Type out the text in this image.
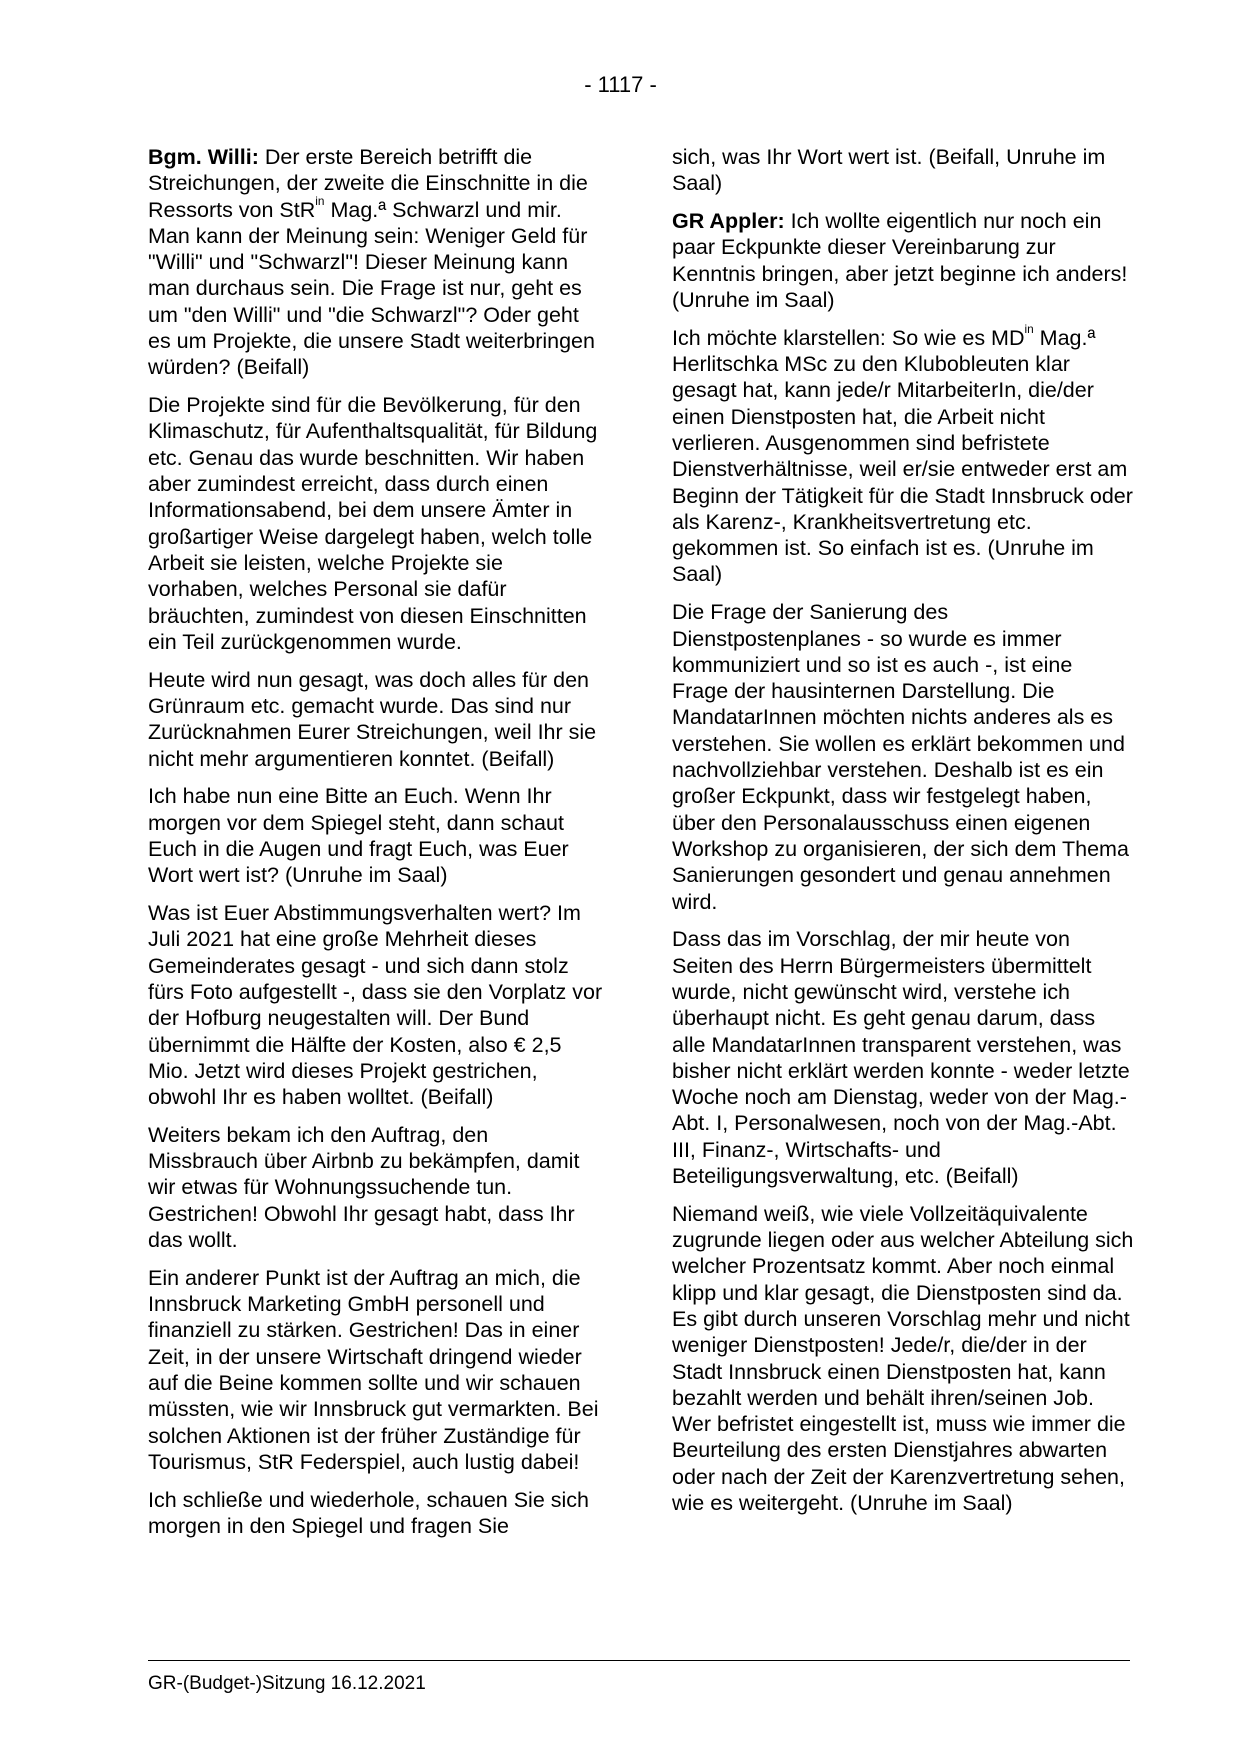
- 1117 -

Bgm. Willi: Der erste Bereich betrifft die Streichungen, der zweite die Einschnitte in die Ressorts von StR$^{in}$ Mag.ª Schwarzl und mir. Man kann der Meinung sein: Weniger Geld für "Willi" und "Schwarzl"! Dieser Meinung kann man durchaus sein. Die Frage ist nur, geht es um "den Willi" und "die Schwarzl"? Oder geht es um Projekte, die unsere Stadt weiterbringen würden? (Beifall)

Die Projekte sind für die Bevölkerung, für den Klimaschutz, für Aufenthaltsqualität, für Bildung etc. Genau das wurde beschnitten. Wir haben aber zumindest erreicht, dass durch einen Informationsabend, bei dem unsere Ämter in großartiger Weise dargelegt haben, welch tolle Arbeit sie leisten, welche Projekte sie vorhaben, welches Personal sie dafür bräuchten, zumindest von diesen Einschnitten ein Teil zurückgenommen wurde.

Heute wird nun gesagt, was doch alles für den Grünraum etc. gemacht wurde. Das sind nur Zurücknahmen Eurer Streichungen, weil Ihr sie nicht mehr argumentieren konntet. (Beifall)

Ich habe nun eine Bitte an Euch. Wenn Ihr morgen vor dem Spiegel steht, dann schaut Euch in die Augen und fragt Euch, was Euer Wort wert ist? (Unruhe im Saal)

Was ist Euer Abstimmungsverhalten wert? Im Juli 2021 hat eine große Mehrheit dieses Gemeinderates gesagt - und sich dann stolz fürs Foto aufgestellt -, dass sie den Vorplatz vor der Hofburg neugestalten will. Der Bund übernimmt die Hälfte der Kosten, also € 2,5 Mio. Jetzt wird dieses Projekt gestrichen, obwohl Ihr es haben wolltet. (Beifall)

Weiters bekam ich den Auftrag, den Missbrauch über Airbnb zu bekämpfen, damit wir etwas für Wohnungssuchende tun. Gestrichen! Obwohl Ihr gesagt habt, dass Ihr das wollt.

Ein anderer Punkt ist der Auftrag an mich, die Innsbruck Marketing GmbH personell und finanziell zu stärken. Gestrichen! Das in einer Zeit, in der unsere Wirtschaft dringend wieder auf die Beine kommen sollte und wir schauen müssten, wie wir Innsbruck gut vermarkten. Bei solchen Aktionen ist der früher Zuständige für Tourismus, StR Federspiel, auch lustig dabei!

Ich schließe und wiederhole, schauen Sie sich morgen in den Spiegel und fragen Sie

sich, was Ihr Wort wert ist. (Beifall, Unruhe im Saal)

GR Appler: Ich wollte eigentlich nur noch ein paar Eckpunkte dieser Vereinbarung zur Kenntnis bringen, aber jetzt beginne ich anders! (Unruhe im Saal)

Ich möchte klarstellen: So wie es $MD^{in}$ Mag.ª Herlitschka MSc zu den Klubobleuten klar gesagt hat, kann jede/r MitarbeiterIn, die/der einen Dienstposten hat, die Arbeit nicht verlieren. Ausgenommen sind befristete Dienstverhältnisse, weil er/sie entweder erst am Beginn der Tätigkeit für die Stadt Innsbruck oder als Karenz-, Krankheitsvertretung etc. gekommen ist. So einfach ist es. (Unruhe im Saal)

Die Frage der Sanierung des Dienstpostenplanes - so wurde es immer kommuniziert und so ist es auch -, ist eine Frage der hausinternen Darstellung. Die MandatarInnen möchten nichts anderes als es verstehen. Sie wollen es erklärt bekommen und nachvollziehbar verstehen. Deshalb ist es ein großer Eckpunkt, dass wir festgelegt haben, über den Personalausschuss einen eigenen Workshop zu organisieren, der sich dem Thema Sanierungen gesondert und genau annehmen wird.

Dass das im Vorschlag, der mir heute von Seiten des Herrn Bürgermeisters übermittelt wurde, nicht gewünscht wird, verstehe ich überhaupt nicht. Es geht genau darum, dass alle MandatarInnen transparent verstehen, was bisher nicht erklärt werden konnte - weder letzte Woche noch am Dienstag, weder von der Mag.-Abt. I, Personalwesen, noch von der Mag.-Abt. III, Finanz-, Wirtschafts- und Beteiligungsverwaltung, etc. (Beifall)

Niemand weiß, wie viele Vollzeitäquivalente zugrunde liegen oder aus welcher Abteilung sich welcher Prozentsatz kommt. Aber noch einmal klipp und klar gesagt, die Dienstposten sind da. Es gibt durch unseren Vorschlag mehr und nicht weniger Dienstposten! Jede/r, die/der in der Stadt Innsbruck einen Dienstposten hat, kann bezahlt werden und behält ihren/seinen Job. Wer befristet eingestellt ist, muss wie immer die Beurteilung des ersten Dienstjahres abwarten oder nach der Zeit der Karenzvertretung sehen, wie es weitergeht. (Unruhe im Saal)

GR-(Budget-)Sitzung 16.12.2021
